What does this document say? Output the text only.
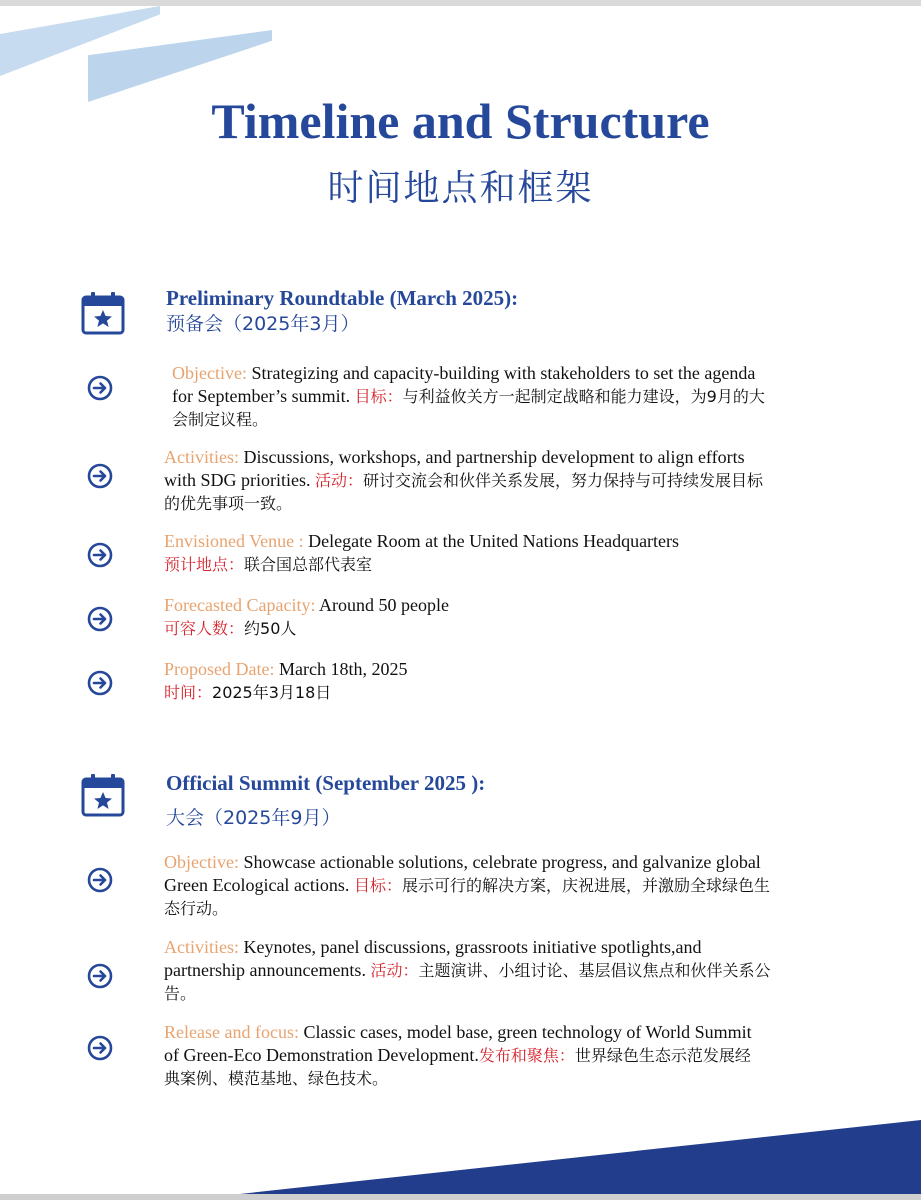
Timeline and Structure
时间地点和框架
Preliminary Roundtable (March 2025):
预备会（2025年3月）
Objective: Strategizing and capacity-building with stakeholders to set the agenda for September’s summit. 目标：与利益攸关方一起制定战略和能力建设，为9月的大会制定议程。
Activities: Discussions, workshops, and partnership development to align efforts with SDG priorities. 活动：研讨交流会和伙伴关系发展，努力保持与可持续发展目标的优先事项一致。
Envisioned Venue : Delegate Room at the United Nations Headquarters
预计地点：联合国总部代表室
Forecasted Capacity: Around 50 people
可容人数：约50人
Proposed Date: March 18th, 2025
时间：2025年3月18日
Official Summit (September 2025 ):
大会（2025年9月）
Objective: Showcase actionable solutions, celebrate progress, and galvanize global Green Ecological actions. 目标：展示可行的解决方案，庆祝进展，并激励全球绿色生态行动。
Activities: Keynotes, panel discussions, grassroots initiative spotlights,and partnership announcements. 活动：主题演讲、小组讨论、基层倡议焦点和伙伴关系公告。
Release and focus: Classic cases, model base, green technology of World Summit of Green-Eco Demonstration Development.发布和聚焦：世界绿色生态示范发展经典案例、模范基地、绿色技术。
